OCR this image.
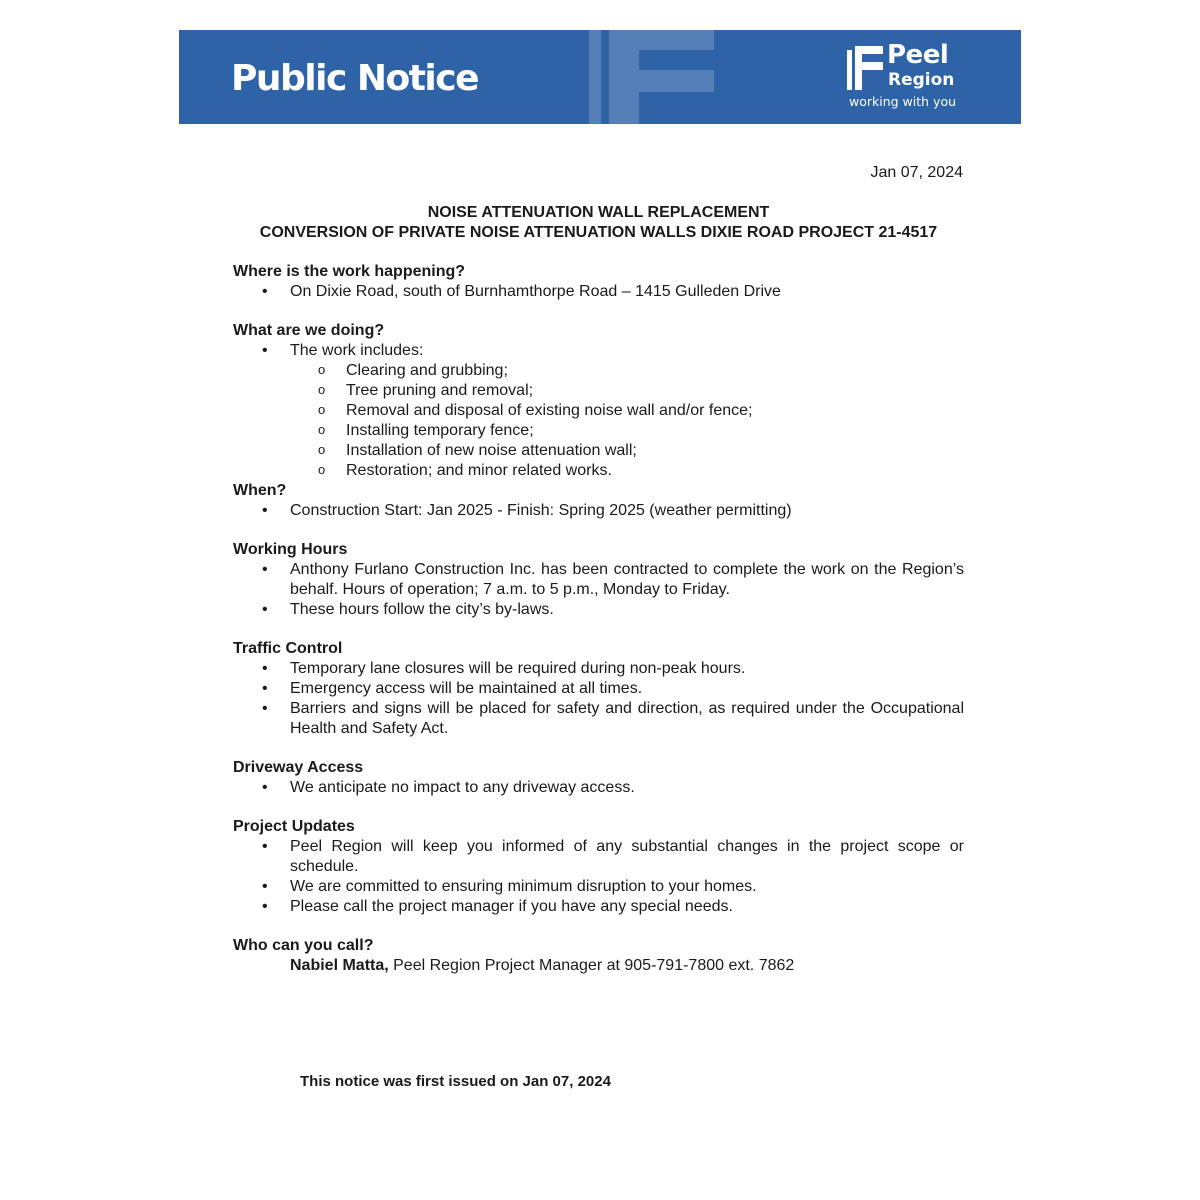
Public Notice
Peel
Region
working with you
Jan 07, 2024
NOISE ATTENUATION WALL REPLACEMENT
CONVERSION OF PRIVATE NOISE ATTENUATION WALLS DIXIE ROAD PROJECT 21-4517

Where is the work happening?

• On Dixie Road, south of Burnhamthorpe Road – 1415 Gulleden Drive

What are we doing?

• The work includes:
o Clearing and grubbing;
o Tree pruning and removal;
o Removal and disposal of existing noise wall and/or fence;
o Installing temporary fence;
o Installation of new noise attenuation wall;
o Restoration; and minor related works.

When?

• Construction Start: Jan 2025 - Finish: Spring 2025 (weather permitting)

Working Hours

• Anthony Furlano Construction Inc. has been contracted to complete the work on the Region’s behalf. Hours of operation; 7 a.m. to 5 p.m., Monday to Friday.
• These hours follow the city’s by-laws.

Traffic Control

• Temporary lane closures will be required during non-peak hours.
• Emergency access will be maintained at all times.
• Barriers and signs will be placed for safety and direction, as required under the Occupational Health and Safety Act.

Driveway Access

• We anticipate no impact to any driveway access.

Project Updates

• Peel Region will keep you informed of any substantial changes in the project scope or schedule.
• We are committed to ensuring minimum disruption to your homes.
• Please call the project manager if you have any special needs.

Who can you call?

Nabiel Matta, Peel Region Project Manager at 905-791-7800 ext. 7862
This notice was first issued on Jan 07, 2024
